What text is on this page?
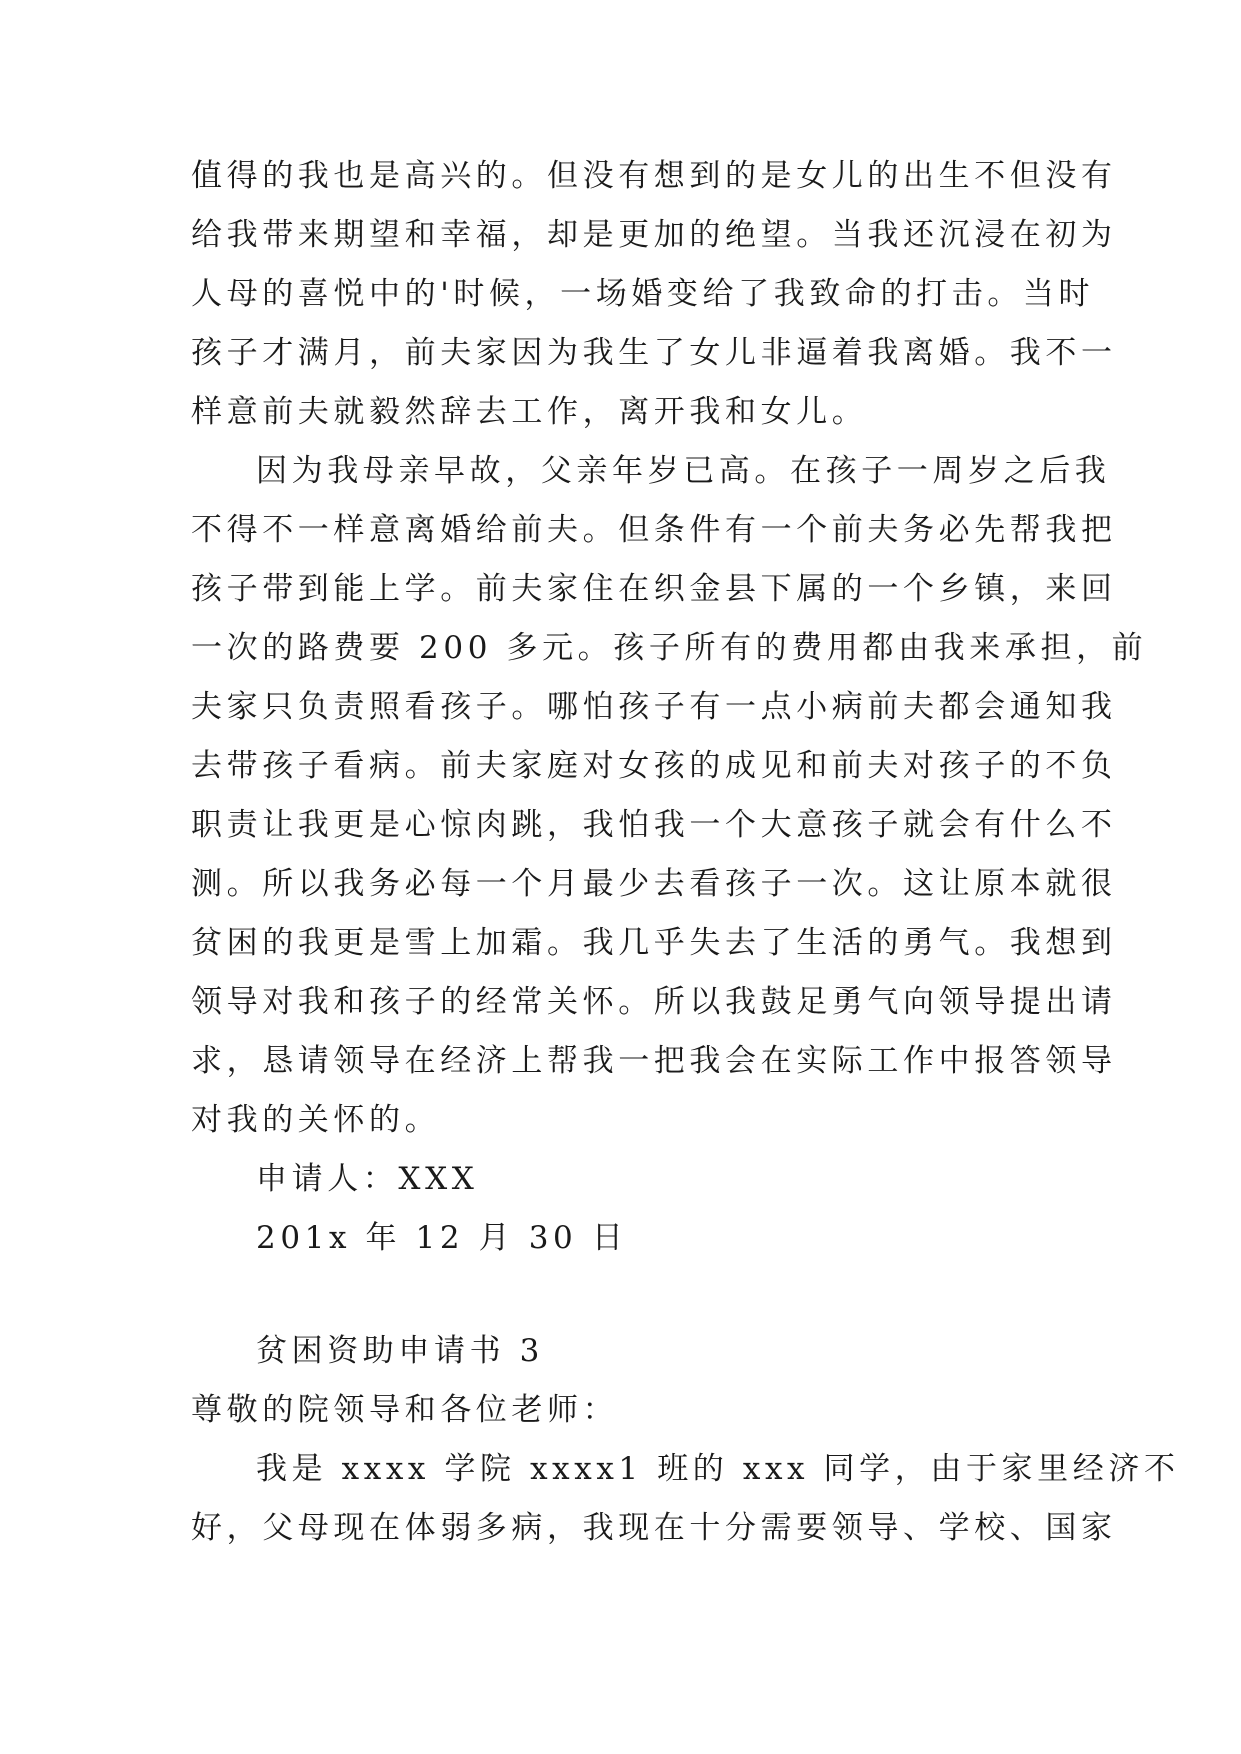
值得的我也是高兴的。但没有想到的是女儿的出生不但没有
给我带来期望和幸福，却是更加的绝望。当我还沉浸在初为
人母的喜悦中的'时候，一场婚变给了我致命的打击。当时
孩子才满月，前夫家因为我生了女儿非逼着我离婚。我不一
样意前夫就毅然辞去工作，离开我和女儿。
因为我母亲早故，父亲年岁已高。在孩子一周岁之后我
不得不一样意离婚给前夫。但条件有一个前夫务必先帮我把
孩子带到能上学。前夫家住在织金县下属的一个乡镇，来回
一次的路费要 200 多元。孩子所有的费用都由我来承担，前
夫家只负责照看孩子。哪怕孩子有一点小病前夫都会通知我
去带孩子看病。前夫家庭对女孩的成见和前夫对孩子的不负
职责让我更是心惊肉跳，我怕我一个大意孩子就会有什么不
测。所以我务必每一个月最少去看孩子一次。这让原本就很
贫困的我更是雪上加霜。我几乎失去了生活的勇气。我想到
领导对我和孩子的经常关怀。所以我鼓足勇气向领导提出请
求，恳请领导在经济上帮我一把我会在实际工作中报答领导
对我的关怀的。
申请人：XXX
201x 年 12 月 30 日
贫困资助申请书 3
尊敬的院领导和各位老师：
我是 xxxx 学院 xxxx1 班的 xxx 同学，由于家里经济不
好，父母现在体弱多病，我现在十分需要领导、学校、国家
